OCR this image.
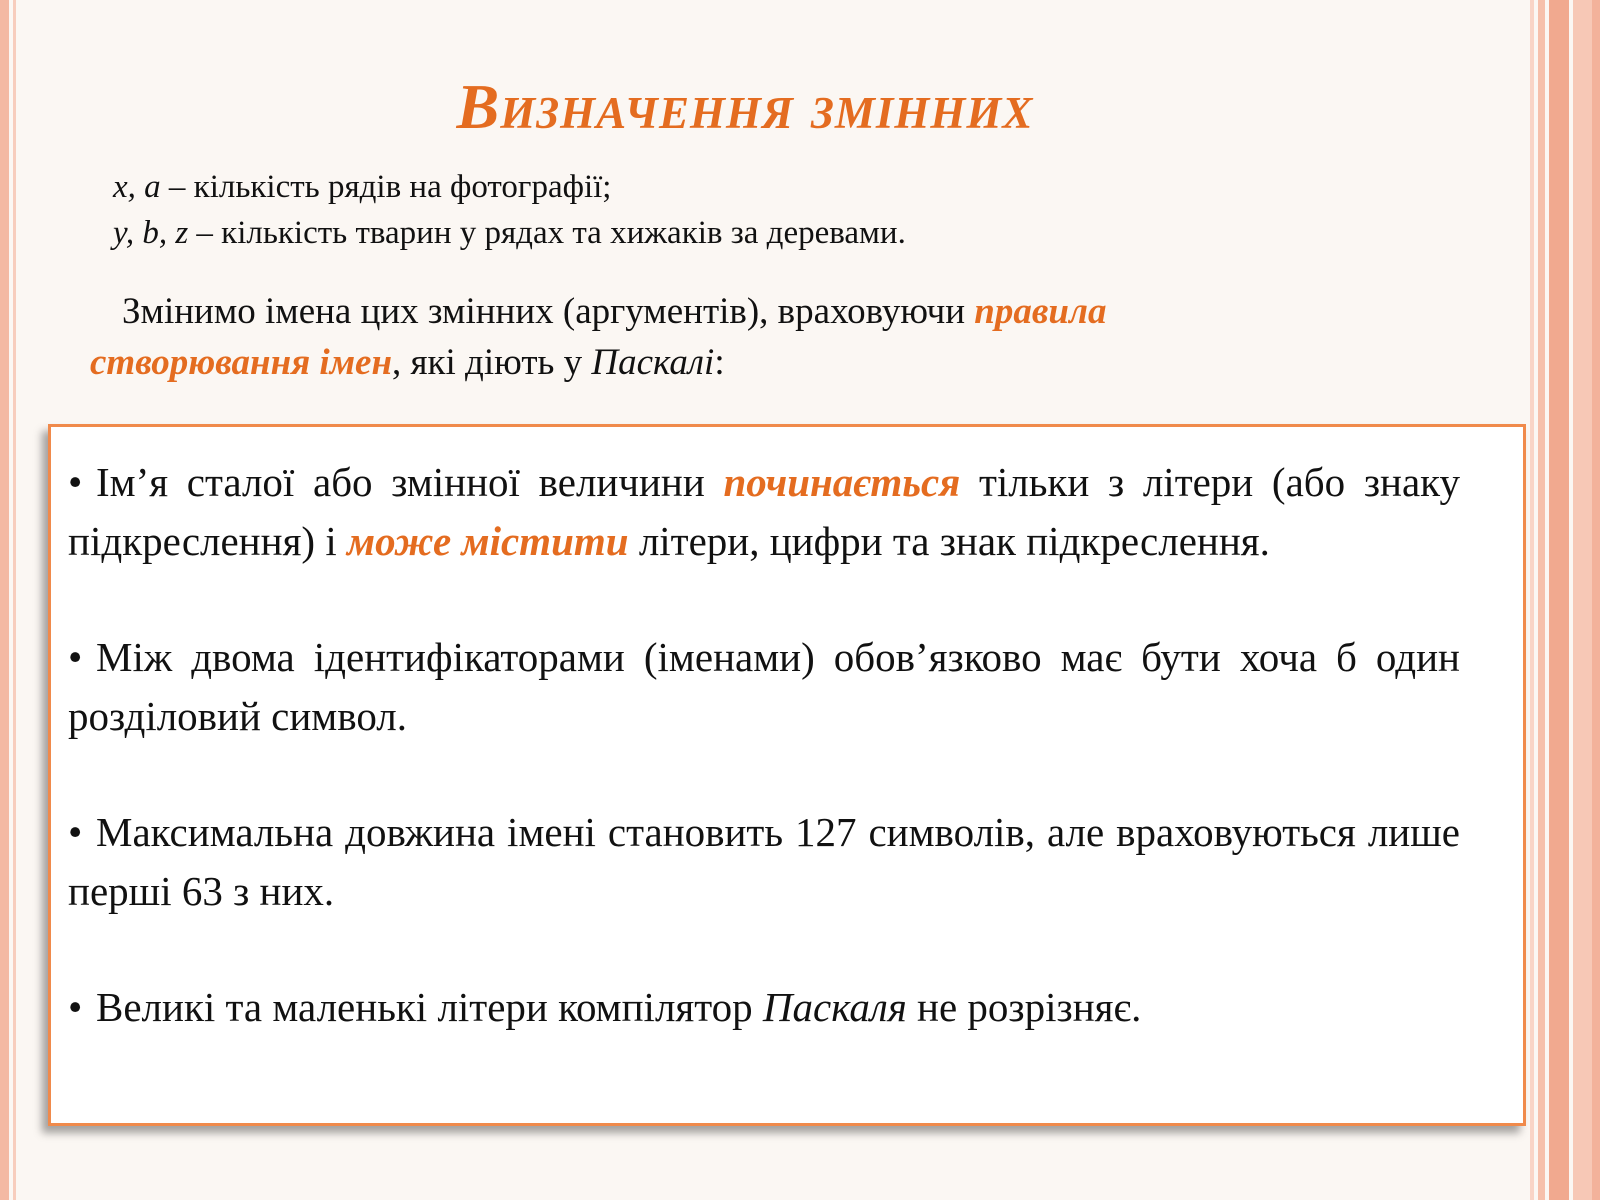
Визначення змінних
x, a – кількість рядів на фотографії;
y, b, z – кількість тварин у рядах та хижаків за деревами.

Змінимо імена цих змінних (аргументів), враховуючи правила створювання імен, які діють у Паскалі:

• Ім’я сталої або змінної величини починається тільки з літери (або знаку підкреслення) і може містити літери, цифри та знак підкреслення.
• Між двома ідентифікаторами (іменами) обов’язково має бути хоча б один розділовий символ.
• Максимальна довжина імені становить 127 символів, але враховуються лише перші 63 з них.
• Великі та маленькі літери компілятор Паскаля не розрізняє.
